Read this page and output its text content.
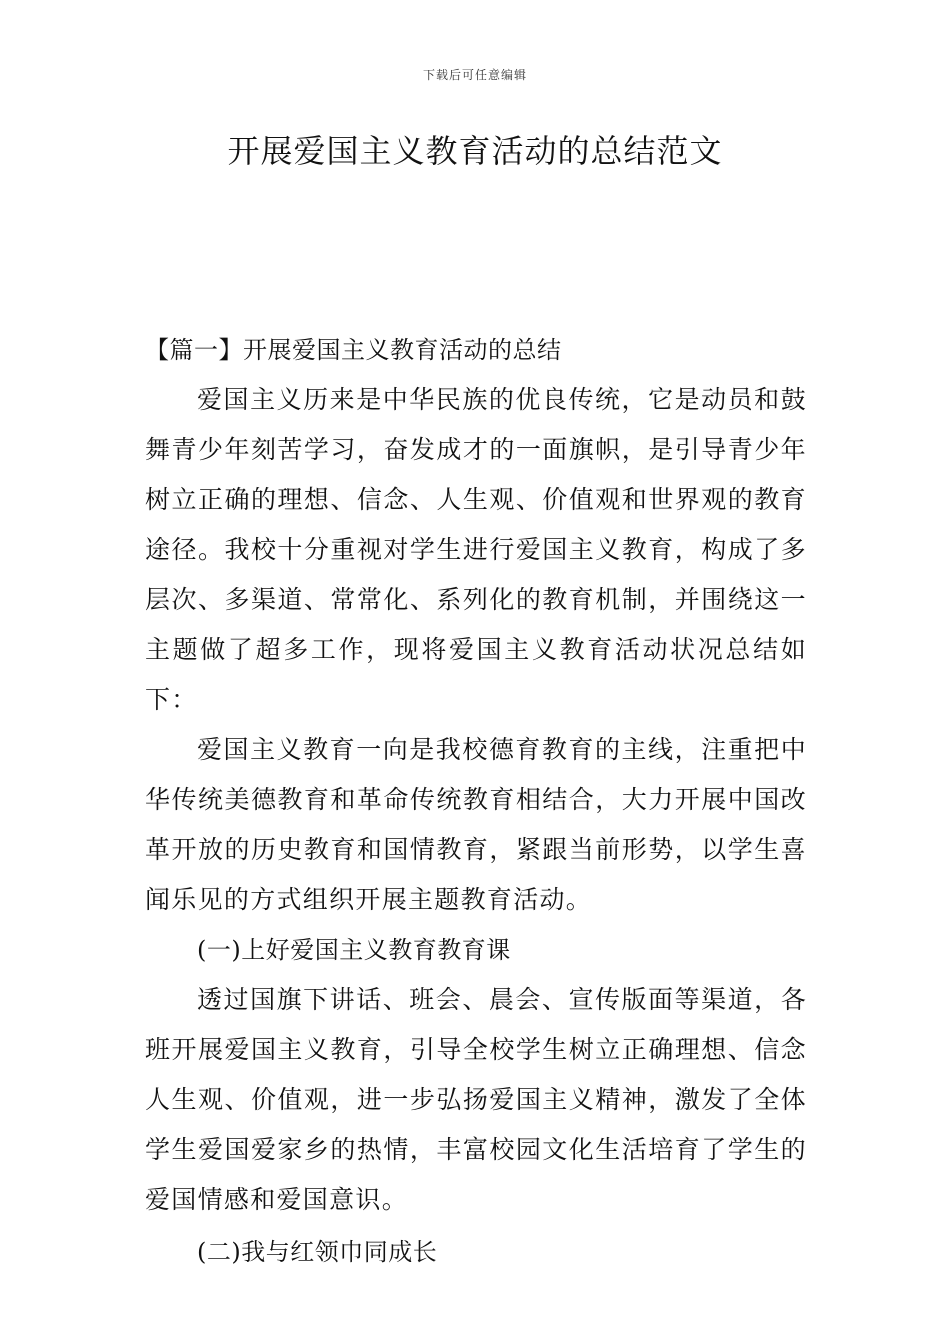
下载后可任意编辑
开展爱国主义教育活动的总结范文

【篇一】开展爱国主义教育活动的总结

爱国主义历来是中华民族的优良传统，它是动员和鼓舞青少年刻苦学习，奋发成才的一面旗帜，是引导青少年树立正确的理想、信念、人生观、价值观和世界观的教育途径。我校十分重视对学生进行爱国主义教育，构成了多层次、多渠道、常常化、系列化的教育机制，并围绕这一主题做了超多工作，现将爱国主义教育活动状况总结如下：

爱国主义教育一向是我校德育教育的主线，注重把中华传统美德教育和革命传统教育相结合，大力开展中国改革开放的历史教育和国情教育，紧跟当前形势，以学生喜闻乐见的方式组织开展主题教育活动。

(一)上好爱国主义教育教育课

透过国旗下讲话、班会、晨会、宣传版面等渠道，各班开展爱国主义教育，引导全校学生树立正确理想、信念人生观、价值观，进一步弘扬爱国主义精神，激发了全体学生爱国爱家乡的热情，丰富校园文化生活培育了学生的爱国情感和爱国意识。

(二)我与红领巾同成长
